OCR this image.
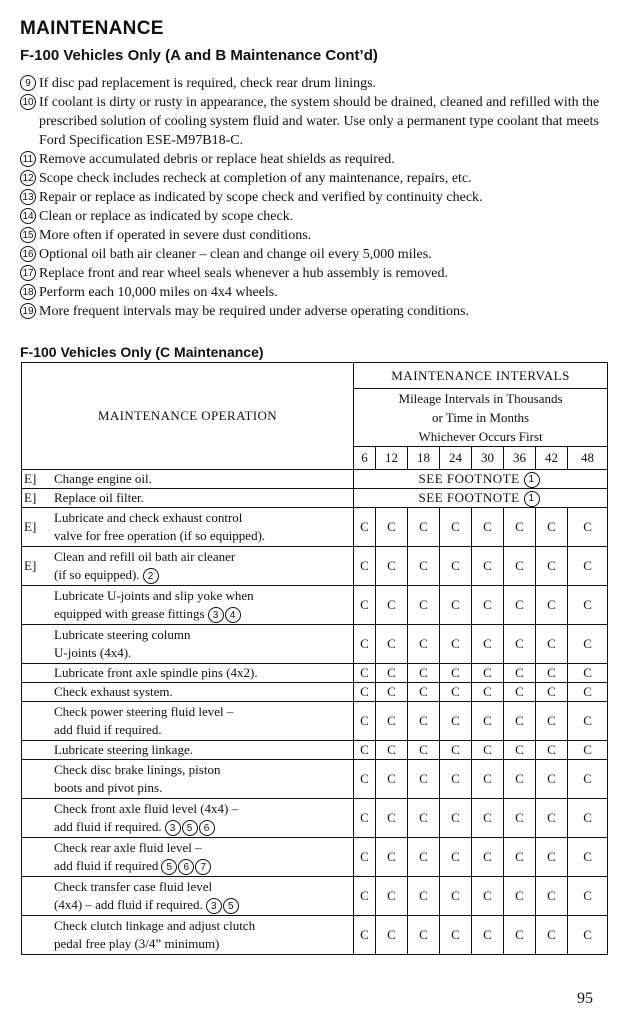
MAINTENANCE
F-100 Vehicles Only (A and B Maintenance Cont’d)
9 If disc pad replacement is required, check rear drum linings.
10 If coolant is dirty or rusty in appearance, the system should be drained, cleaned and refilled with the prescribed solution of cooling system fluid and water. Use only a permanent type coolant that meets Ford Specification ESE-M97B18-C.
11 Remove accumulated debris or replace heat shields as required.
12 Scope check includes recheck at completion of any maintenance, repairs, etc.
13 Repair or replace as indicated by scope check and verified by continuity check.
14 Clean or replace as indicated by scope check.
15 More often if operated in severe dust conditions.
16 Optional oil bath air cleaner – clean and change oil every 5,000 miles.
17 Replace front and rear wheel seals whenever a hub assembly is removed.
18 Perform each 10,000 miles on 4x4 wheels.
19 More frequent intervals may be required under adverse operating conditions.
F-100 Vehicles Only (C Maintenance)
MAINTENANCE OPERATION	MAINTENANCE INTERVALS							

	Mileage Intervals in Thousands
or Time in Months
Whichever Occurs First							

	6	12	18	24	30	36	42	48

E] Change engine oil.	SEE FOOTNOTE 1							

E] Replace oil filter.	SEE FOOTNOTE 1							

E]
Lubricate and check exhaust control
valve for free operation (if so equipped).	C	C	C	C	C	C	C	C

E]
Clean and refill oil bath air cleaner
(if so equipped). 2	C	C	C	C	C	C	C	C

Lubricate U-joints and slip yoke when
equipped with grease fittings 3 4	C	C	C	C	C	C	C	C

Lubricate steering column
U-joints (4x4).	C	C	C	C	C	C	C	C

Lubricate front axle spindle pins (4x2).	C	C	C	C	C	C	C	C

Check exhaust system.	C	C	C	C	C	C	C	C

Check power steering fluid level –
add fluid if required.	C	C	C	C	C	C	C	C

Lubricate steering linkage.	C	C	C	C	C	C	C	C

Check disc brake linings, piston
boots and pivot pins.	C	C	C	C	C	C	C	C

Check front axle fluid level (4x4) –
add fluid if required. 3 5 6	C	C	C	C	C	C	C	C

Check rear axle fluid level –
add fluid if required 5 6 7	C	C	C	C	C	C	C	C

Check transfer case fluid level
(4x4) – add fluid if required. 3 5	C	C	C	C	C	C	C	C

Check clutch linkage and adjust clutch
pedal free play (3/4” minimum)	C	C	C	C	C	C	C	C
95
